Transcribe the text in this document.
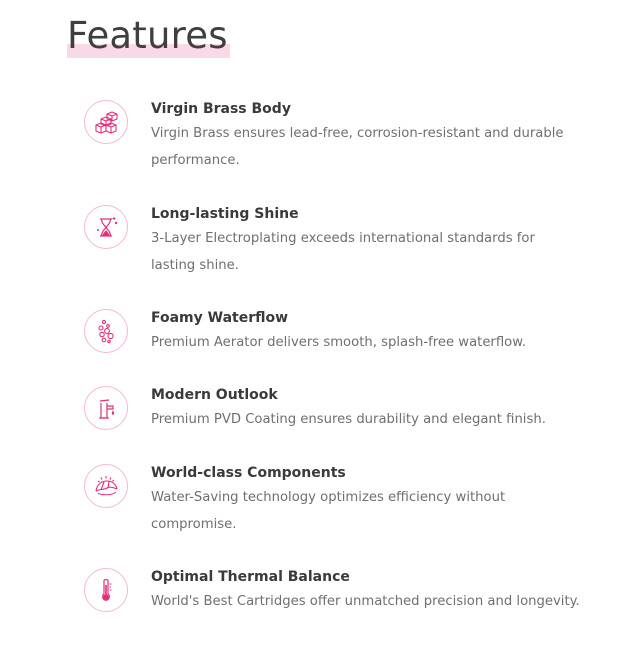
Features
Virgin Brass Body
Virgin Brass ensures lead-free, corrosion-resistant and durable performance.
Long-lasting Shine
3-Layer Electroplating exceeds international standards for lasting shine.
Foamy Waterflow
Premium Aerator delivers smooth, splash-free waterflow.
Modern Outlook
Premium PVD Coating ensures durability and elegant finish.
World-class Components
Water-Saving technology optimizes efficiency without compromise.
Optimal Thermal Balance
World's Best Cartridges offer unmatched precision and longevity.
